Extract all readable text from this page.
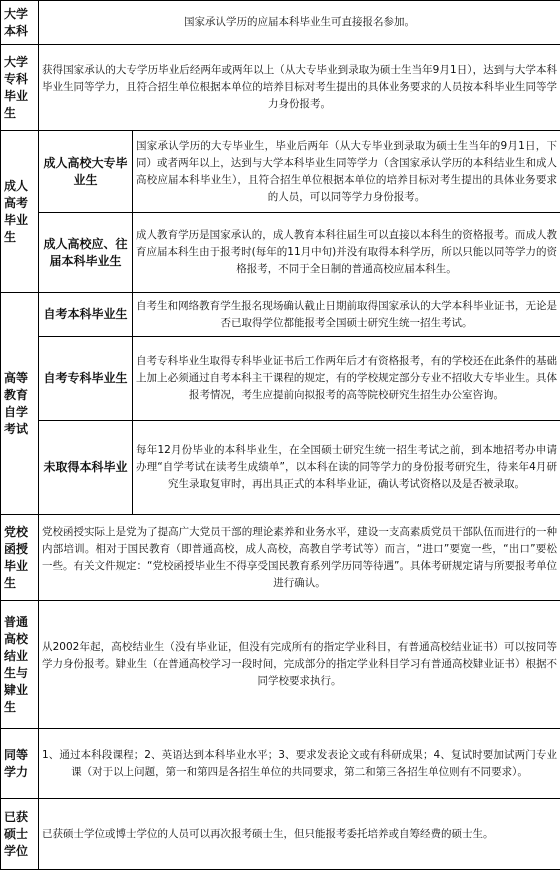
大学本科	国家承认学历的应届本科毕业生可直接报名参加。	
大学专科毕业生	获得国家承认的大专学历毕业后经两年或两年以上（从大专毕业到录取为硕士生当年9月1日），达到与大学本科毕业生同等学力，且符合招生单位根据本单位的培养目标对考生提出的具体业务要求的人员按本科毕业生同等学力身份报考。	
成人高考毕业生	成人高校大专毕业生	国家承认学历的大专毕业生，毕业后两年（从大专毕业到录取为硕士生当年的9月1日，下同）或者两年以上，达到与大学本科毕业生同等学力（含国家承认学历的本科结业生和成人高校应届本科毕业生），且符合招生单位根据本单位的培养目标对考生提出的具体业务要求的人员，可以同等学力身份报考。
	成人高校应、往届本科毕业生	成人教育学历是国家承认的，成人教育本科往届生可以直接以本科生的资格报考。而成人教育应届本科生由于报考时(每年的11月中旬)并没有取得本科学历，所以只能以同等学力的资格报考，不同于全日制的普通高校应届本科生。
高等教育自学考试	自考本科毕业生	自考生和网络教育学生报名现场确认截止日期前取得国家承认的大学本科毕业证书，无论是否已取得学位都能报考全国硕士研究生统一招生考试。
	自考专科毕业生	自考专科毕业生取得专科毕业证书后工作两年后才有资格报考，有的学校还在此条件的基础上加上必须通过自考本科主干课程的规定，有的学校规定部分专业不招收大专毕业生。具体报考情况，考生应提前向拟报考的高等院校研究生招生办公室咨询。
	未取得本科毕业	每年12月份毕业的本科毕业生，在全国硕士研究生统一招生考试之前，到本地招考办申请办理“自学考试在读考生成绩单”，以本科在读的同等学力的身份报考研究生，待来年4月研究生录取复审时，再出具正式的本科毕业证，确认考试资格以及是否被录取。
党校函授毕业生	党校函授实际上是党为了提高广大党员干部的理论素养和业务水平，建设一支高素质党员干部队伍而进行的一种内部培训。相对于国民教育（即普通高校，成人高校，高教自学考试等）而言，“进口”要宽一些，“出口”要松一些。有关文件规定：“党校函授毕业生不得享受国民教育系列学历同等待遇”。具体考研规定请与所要报考单位进行确认。	
普通高校结业生与肄业生	从2002年起，高校结业生（没有毕业证，但没有完成所有的指定学业科目，有普通高校结业证书）可以按同等学力身份报考。肄业生（在普通高校学习一段时间，完成部分的指定学业科目学习有普通高校肄业证书）根据不同学校要求执行。	
同等学力	1、通过本科段课程；2、英语达到本科毕业水平；3、要求发表论文或有科研成果；4、复试时要加试两门专业课（对于以上问题，第一和第四是各招生单位的共同要求，第二和第三各招生单位则有不同要求）。	
已获硕士学位	已获硕士学位或博士学位的人员可以再次报考硕士生，但只能报考委托培养或自筹经费的硕士生。	
